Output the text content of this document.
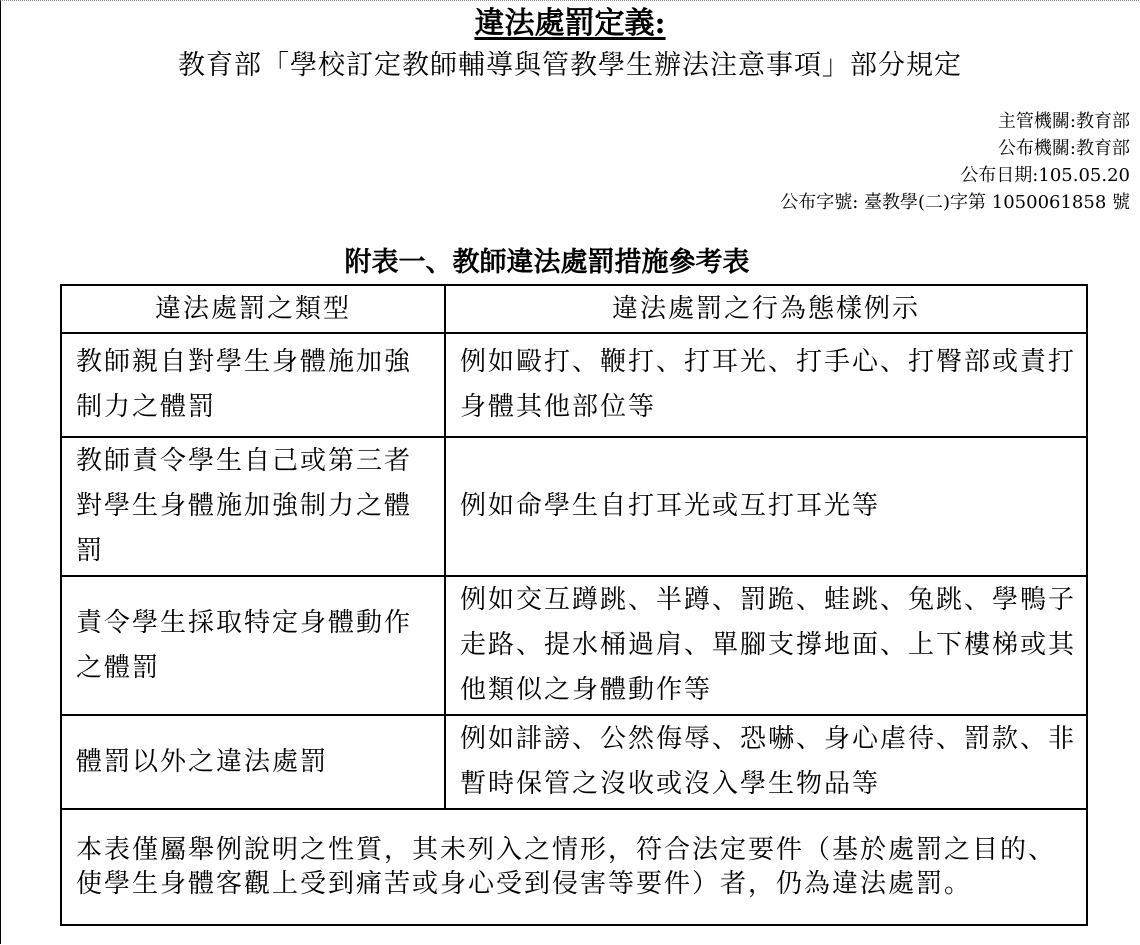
違法處罰定義:
教育部「學校訂定教師輔導與管教學生辦法注意事項」部分規定
主管機關:教育部
公布機關:教育部
公布日期:105.05.20
公布字號: 臺教學(二)字第 1050061858 號
附表一、教師違法處罰措施參考表
違法處罰之類型	違法處罰之行為態樣例示
教師親自對學生身體施加強制力之體罰	例如毆打、鞭打、打耳光、打手心、打臀部或責打身體其他部位等
教師責令學生自己或第三者對學生身體施加強制力之體罰	例如命學生自打耳光或互打耳光等
責令學生採取特定身體動作之體罰	例如交互蹲跳、半蹲、罰跪、蛙跳、兔跳、學鴨子走路、提水桶過肩、單腳支撐地面、上下樓梯或其他類似之身體動作等
體罰以外之違法處罰	例如誹謗、公然侮辱、恐嚇、身心虐待、罰款、非暫時保管之沒收或沒入學生物品等
本表僅屬舉例說明之性質，其未列入之情形，符合法定要件（基於處罰之目的、使學生身體客觀上受到痛苦或身心受到侵害等要件）者，仍為違法處罰。	
